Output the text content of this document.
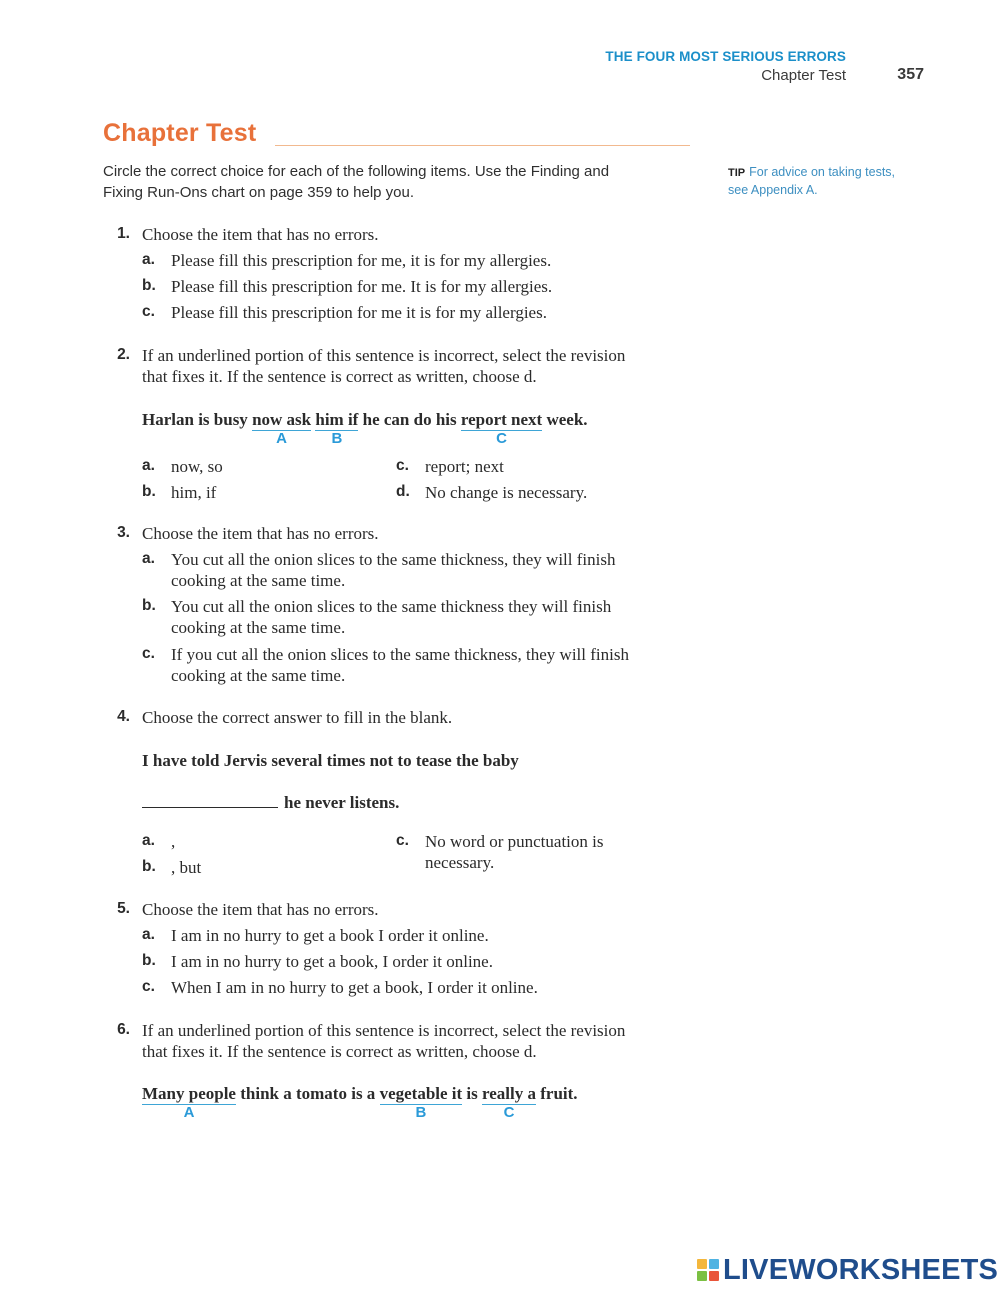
THE FOUR MOST SERIOUS ERRORS
Chapter Test	357
Chapter Test
Circle the correct choice for each of the following items. Use the Finding and
Fixing Run-Ons chart on page 359 to help you.
TIP For advice on taking tests,
see Appendix A.
1. Choose the item that has no errors.
a. Please fill this prescription for me, it is for my allergies.
b. Please fill this prescription for me. It is for my allergies.
c. Please fill this prescription for me it is for my allergies.
2. If an underlined portion of this sentence is incorrect, select the revision
that fixes it. If the sentence is correct as written, choose d.
Harlan is busy now ask
A
him if
B
he can do his report next
C
week.
a. now, so
b. him, if
c. report; next
d. No change is necessary.
3. Choose the item that has no errors.
a. You cut all the onion slices to the same thickness, they will finish
cooking at the same time.
b. You cut all the onion slices to the same thickness they will finish
cooking at the same time.
c. If you cut all the onion slices to the same thickness, they will finish
cooking at the same time.
4. Choose the correct answer to fill in the blank.
I have told Jervis several times not to tease the baby
he never listens.
a. ,
b. , but
c. No word or punctuation is
necessary.
5. Choose the item that has no errors.
a. I am in no hurry to get a book I order it online.
b. I am in no hurry to get a book, I order it online.
c. When I am in no hurry to get a book, I order it online.
6. If an underlined portion of this sentence is incorrect, select the revision
that fixes it. If the sentence is correct as written, choose d.
Many people
A
think a tomato is a vegetable it
B
is really a
C
fruit.
LIVEWORKSHEETS
